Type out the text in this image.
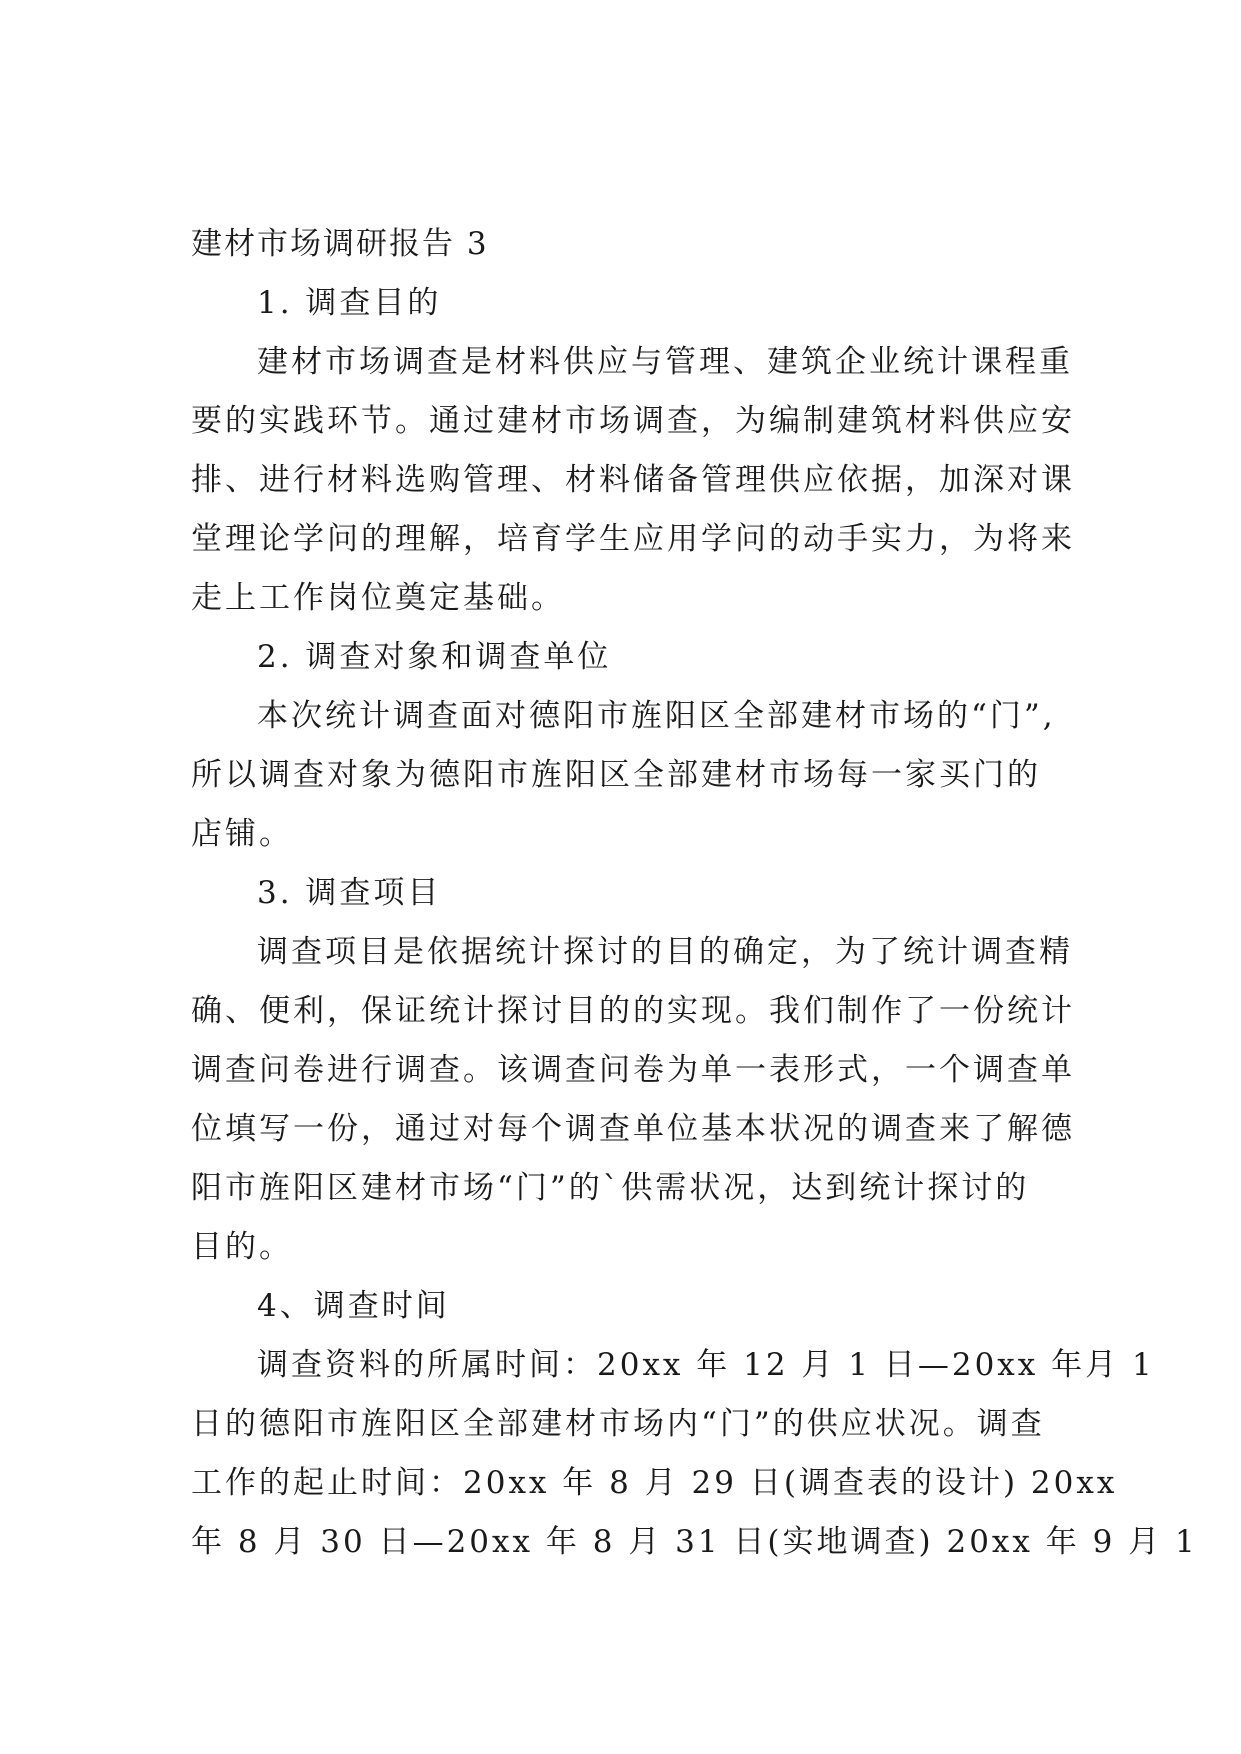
建材市场调研报告 3

1. 调查目的

建材市场调查是材料供应与管理、建筑企业统计课程重

要的实践环节。通过建材市场调查，为编制建筑材料供应安

排、进行材料选购管理、材料储备管理供应依据，加深对课

堂理论学问的理解，培育学生应用学问的动手实力，为将来

走上工作岗位奠定基础。

2. 调查对象和调查单位

本次统计调查面对德阳市旌阳区全部建材市场的“门”,

所以调查对象为德阳市旌阳区全部建材市场每一家买门的

店铺。

3. 调查项目

调查项目是依据统计探讨的目的确定，为了统计调查精

确、便利，保证统计探讨目的的实现。我们制作了一份统计

调查问卷进行调查。该调查问卷为单一表形式，一个调查单

位填写一份，通过对每个调查单位基本状况的调查来了解德

阳市旌阳区建材市场“门”的`供需状况，达到统计探讨的

目的。

4、调查时间

调查资料的所属时间：20xx 年 12 月 1 日—20xx 年月 1

日的德阳市旌阳区全部建材市场内“门”的供应状况。调查

工作的起止时间：20xx 年 8 月 29 日(调查表的设计) 20xx

年 8 月 30 日—20xx 年 8 月 31 日(实地调查) 20xx 年 9 月 1
